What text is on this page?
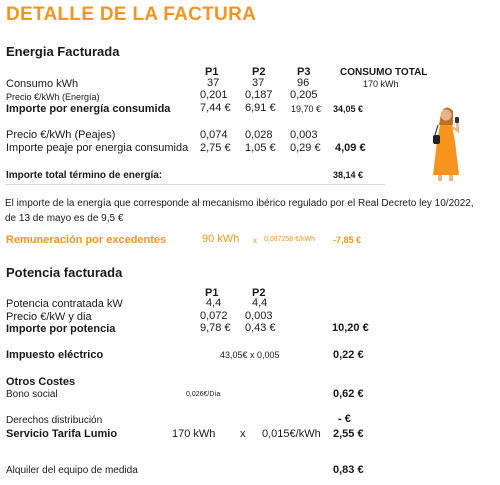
DETALLE DE LA FACTURA
Energia Facturada
P1	P2	P3	CONSUMO TOTAL
Consumo kWh	37	37	96	170 kWh
Precio €/kWh (Energía)	0,201 0,187 0,205
Importe por energía consumida	7,44 € 6,91 € 19,70 € 34,05 €
Precio €/kWh (Peajes)	0,074 0,028 0,003
Importe peaje por energia consumida 2,75 € 1,05 € 0,29 € 4,09 €
Importe total término de energía:	38,14 €
El importe de la energía que corresponde al mecanismo ibérico regulado por el Real Decreto ley 10/2022, de 13 de mayo es de 9,5 €
Remuneración por excedentes	90 kWh x 0,087258 €/kWh -7,85 €
Potencia facturada
P1	P2
Potencia contratada kW	4,4	4,4
Precio €/kW y dia	0,072 0,003
Importe por potencia	9,78 € 0,43 €	10,20 €
Impuesto eléctrico	43,05€ x 0,005	0,22 €
Otros Costes
Bono social	0,026€/Día	0,62 €
Derechos distribución	- €
Servicio Tarifa Lumio	170 kWh x 0,015€/kWh 2,55 €
Alquiler del equipo de medida	0,83 €
